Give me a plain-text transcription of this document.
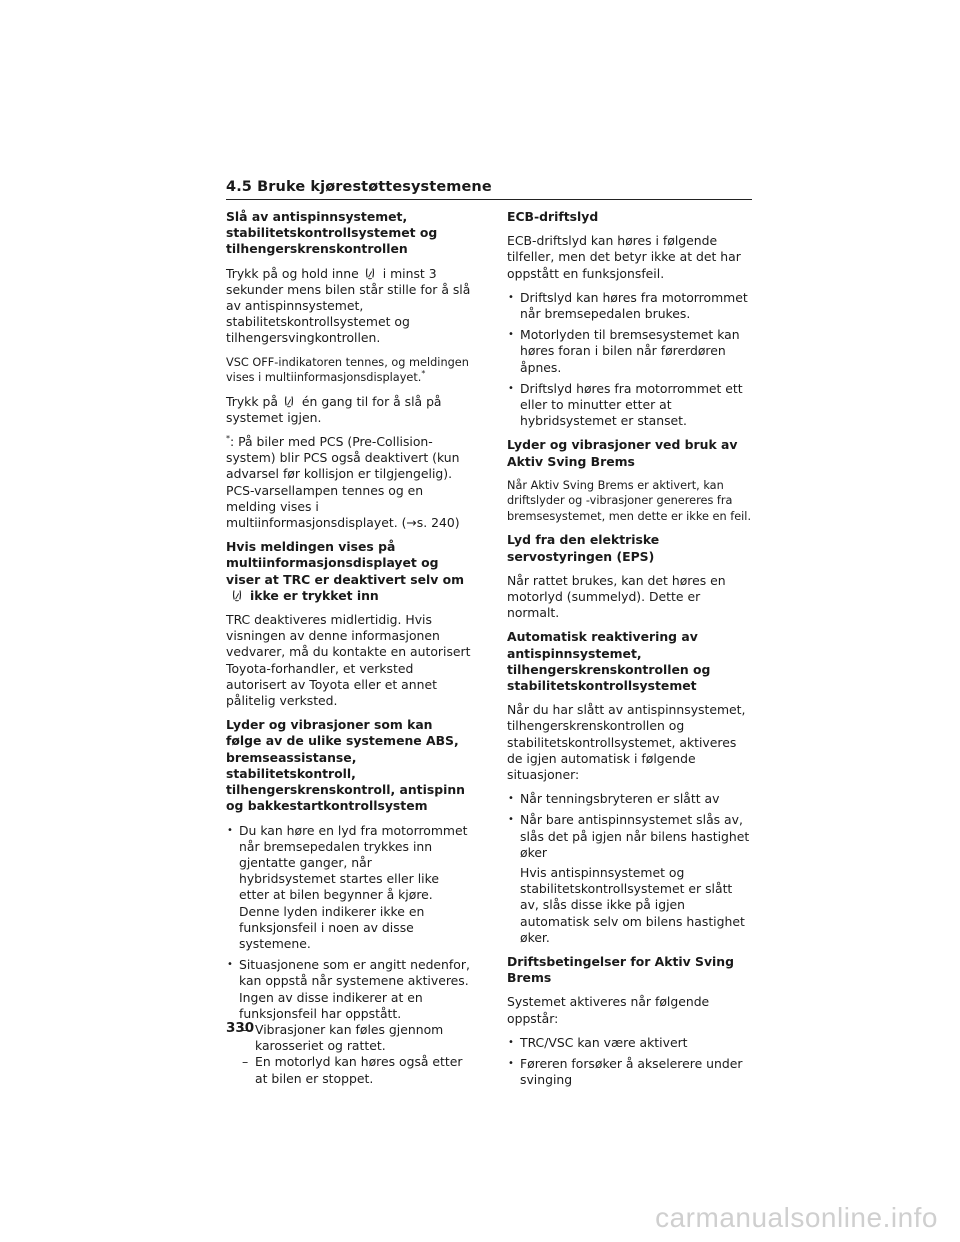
4.5 Bruke kjørestøttesystemene
Slå av antispinnsystemet, stabilitetskontrollsystemet og tilhengerskrenskontrollen
Trykk på og hold inne i minst 3 sekunder mens bilen står stille for å slå av antispinnsystemet, stabilitetskontrollsystemet og tilhengersvingkontrollen.
VSC OFF-indikatoren tennes, og meldingen vises i multiinformasjonsdisplayet.*
Trykk på én gang til for å slå på systemet igjen.
*: På biler med PCS (Pre-Collision-system) blir PCS også deaktivert (kun advarsel før kollisjon er tilgjengelig). PCS-varsellampen tennes og en melding vises i multiinformasjonsdisplayet. (→s. 240)
Hvis meldingen vises på multiinformasjonsdisplayet og viser at TRC er deaktivert selv omikke er trykket inn
TRC deaktiveres midlertidig. Hvis visningen av denne informasjonen vedvarer, må du kontakte en autorisert Toyota-forhandler, et verksted autorisert av Toyota eller et annet pålitelig verksted.
Lyder og vibrasjoner som kan følge av de ulike systemene ABS, bremseassistanse, stabilitetskontroll, tilhengerskrenskontroll, antispinn og bakkestartkontrollsystem
• Du kan høre en lyd fra motorrommet når bremsepedalen trykkes inn gjentatte ganger, når hybridsystemet startes eller like etter at bilen begynner å kjøre. Denne lyden indikerer ikke en funksjonsfeil i noen av disse systemene.
• Situasjonene som er angitt nedenfor, kan oppstå når systemene aktiveres. Ingen av disse indikerer at en funksjonsfeil har oppstått.
– Vibrasjoner kan føles gjennom karosseriet og rattet.
– En motorlyd kan høres også etter at bilen er stoppet.
ECB-driftslyd
ECB-driftslyd kan høres i følgende tilfeller, men det betyr ikke at det har oppstått en funksjonsfeil.
• Driftslyd kan høres fra motorrommet når bremsepedalen brukes.
• Motorlyden til bremsesystemet kan høres foran i bilen når førerdøren åpnes.
• Driftslyd høres fra motorrommet ett eller to minutter etter at hybridsystemet er stanset.
Lyder og vibrasjoner ved bruk av Aktiv Sving Brems
Når Aktiv Sving Brems er aktivert, kan driftslyder og -vibrasjoner genereres fra bremsesystemet, men dette er ikke en feil.
Lyd fra den elektriske servostyringen (EPS)
Når rattet brukes, kan det høres en motorlyd (summelyd). Dette er normalt.
Automatisk reaktivering av antispinnsystemet, tilhengerskrenskontrollen og stabilitetskontrollsystemet
Når du har slått av antispinnsystemet, tilhengerskrenskontrollen og stabilitetskontrollsystemet, aktiveres de igjen automatisk i følgende situasjoner:
• Når tenningsbryteren er slått av
• Når bare antispinnsystemet slås av, slås det på igjen når bilens hastighet øker
Hvis antispinnsystemet og stabilitetskontrollsystemet er slått av, slås disse ikke på igjen automatisk selv om bilens hastighet øker.
Driftsbetingelser for Aktiv Sving Brems
Systemet aktiveres når følgende oppstår:
• TRC/VSC kan være aktivert
• Føreren forsøker å akselerere under svinging
330
carmanualsonline.info
